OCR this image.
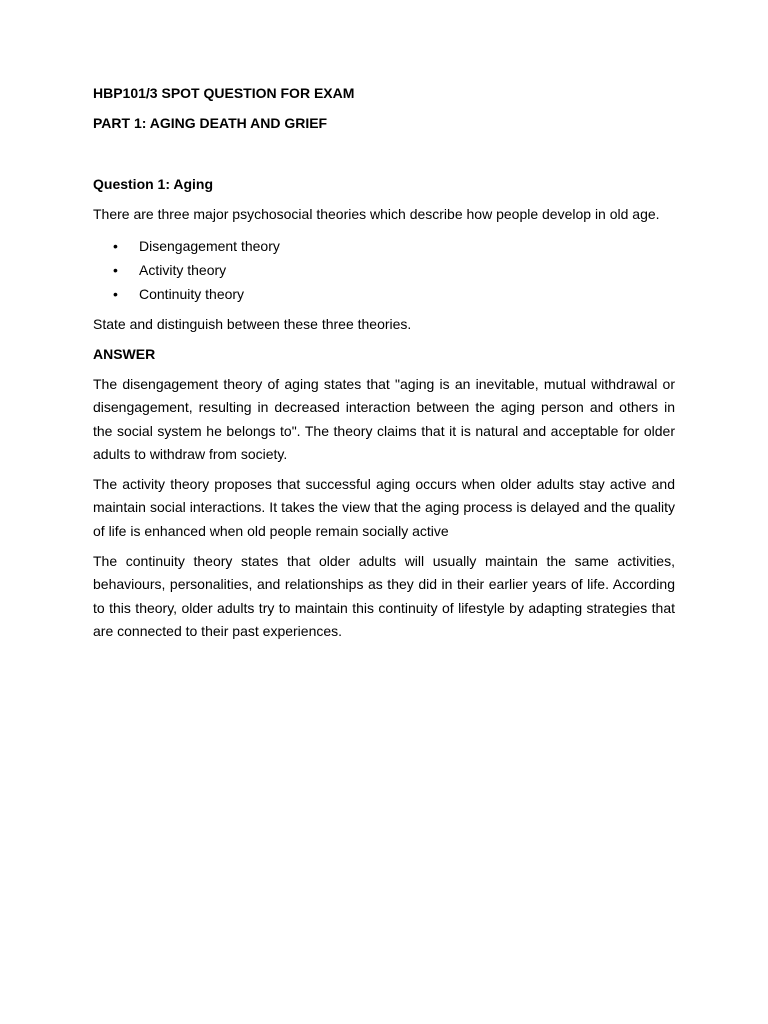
HBP101/3 SPOT QUESTION FOR EXAM

PART 1: AGING DEATH AND GRIEF

Question 1: Aging

There are three major psychosocial theories which describe how people develop in old age.

• Disengagement theory
• Activity theory
• Continuity theory

State and distinguish between these three theories.

ANSWER

The disengagement theory of aging states that "aging is an inevitable, mutual withdrawal or disengagement, resulting in decreased interaction between the aging person and others in the social system he belongs to". The theory claims that it is natural and acceptable for older adults to withdraw from society.

The activity theory proposes that successful aging occurs when older adults stay active and maintain social interactions. It takes the view that the aging process is delayed and the quality of life is enhanced when old people remain socially active

The continuity theory states that older adults will usually maintain the same activities, behaviours, personalities, and relationships as they did in their earlier years of life. According to this theory, older adults try to maintain this continuity of lifestyle by adapting strategies that are connected to their past experiences.
